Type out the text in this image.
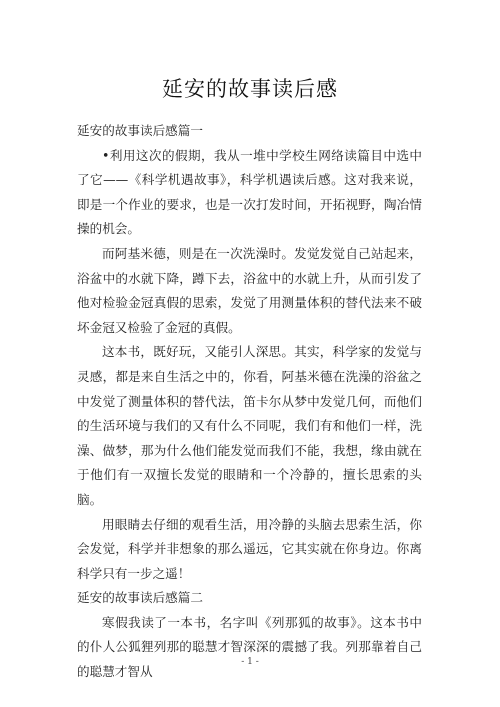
延安的故事读后感

延安的故事读后感篇一

•利用这次的假期，我从一堆中学校生网络读篇目中选中了它——《科学机遇故事》，科学机遇读后感。这对我来说，即是一个作业的要求，也是一次打发时间，开拓视野，陶冶情操的机会。

而阿基米德，则是在一次洗澡时。发觉发觉自己站起来，浴盆中的水就下降，蹲下去，浴盆中的水就上升，从而引发了他对检验金冠真假的思索，发觉了用测量体积的替代法来不破坏金冠又检验了金冠的真假。

这本书，既好玩，又能引人深思。其实，科学家的发觉与灵感，都是来自生活之中的，你看，阿基米德在洗澡的浴盆之中发觉了测量体积的替代法，笛卡尔从梦中发觉几何，而他们的生活环境与我们的又有什么不同呢，我们有和他们一样，洗澡、做梦，那为什么他们能发觉而我们不能，我想，缘由就在于他们有一双擅长发觉的眼睛和一个冷静的，擅长思索的头脑。

用眼睛去仔细的观看生活，用冷静的头脑去思索生活，你会发觉，科学并非想象的那么遥远，它其实就在你身边。你离科学只有一步之遥！

延安的故事读后感篇二

寒假我读了一本书，名字叫《列那狐的故事》。这本书中的仆人公狐狸列那的聪慧才智深深的震撼了我。列那靠着自己的聪慧才智从

- 1 -
